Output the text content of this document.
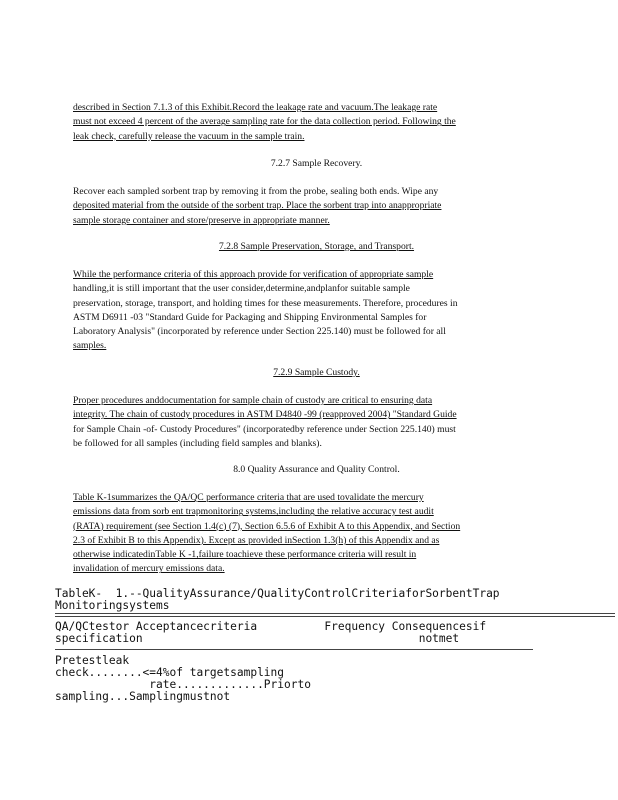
described in Section 7.1.3 of this Exhibit.Record the leakage rate and vacuum.The leakage rate
must not exceed 4 percent of the average sampling rate for the data collection period. Following the
leak check, carefully release the vacuum in the sample train.
7.2.7 Sample Recovery.
Recover each sampled sorbent trap by removing it from the probe, sealing both ends. Wipe any
deposited material from the outside of the sorbent trap. Place the sorbent trap into anappropriate
sample storage container and store/preserve in appropriate manner.
7.2.8 Sample Preservation, Storage, and Transport.
While the performance criteria of this approach provide for verification of appropriate sample
handling,it is still important that the user consider,determine,andplanfor suitable sample
preservation, storage, transport, and holding times for these measurements. Therefore, procedures in
ASTM D6911 -03 "Standard Guide for Packaging and Shipping Environmental Samples for
Laboratory Analysis" (incorporated by reference under Section 225.140) must be followed for all
samples.
7.2.9 Sample Custody.
Proper procedures anddocumentation for sample chain of custody are critical to ensuring data
integrity. The chain of custody procedures in ASTM D4840 -99 (reapproved 2004) "Standard Guide
for Sample Chain -of- Custody Procedures" (incorporatedby reference under Section 225.140) must
be followed for all samples (including field samples and blanks).
8.0 Quality Assurance and Quality Control.
Table K-1summarizes the QA/QC performance criteria that are used tovalidate the mercury
emissions data from sorb ent trapmonitoring systems,including the relative accuracy test audit
(RATA) requirement (see Section 1.4(c) (7), Section 6.5.6 of Exhibit A to this Appendix, and Section
2.3 of Exhibit B to this Appendix). Except as provided inSection 1.3(h) of this Appendix and as
otherwise indicatedinTable K -1,failure toachieve these performance criteria will result in
invalidation of mercury emissions data.
TableK-  1.--QualityAssurance/QualityControlCriteriaforSorbentTrap
Monitoringsystems
QA/QCtestor Acceptancecriteria          Frequency Consequencesif
specification                                         notmet
Pretestleak
check........<=4%of targetsampling
rate.............Priorto
sampling...Samplingmustnot
